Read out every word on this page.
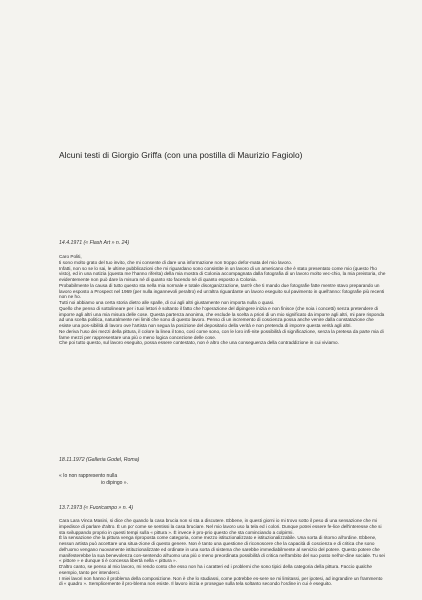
Alcuni testi di Giorgio Griffa (con una postilla di Maurizio Fagiolo)

14.4.1971 (« Flash Art » n. 24)

Caro Politi,

ti sono molto grato del tuo invito, che mi consente di dare una informazione non troppo defor-mata del mio lavoro.

Infatti, non so se lo sai, le ultime pubblicazioni che mi riguardano sono consistite in un lavoro di un americano che è stato presentato come mio (questo l'ho visto), ed in una notizia (questa me l'hanno riferita) della mia mostra di Colonia accompagnata dalla fotografia di un lavoro molto vec-chio, la mia preistoria, che evidentemente non può dare la misura né di quanto sto facendo né di quanto esposto a Colonia.

Probabilmente la causa di tutto questo sta nella mia normale e totale disorganizzazione, tant'è che ti mando due fotografie fatte mentre stavo preparando un lavoro esposto a Prospect nel 1969 (per nulla ingannevoli peraltro) ed un'altra riguardante un lavoro eseguito sul pavimento in quell'anno: fotografie più recenti non ne ho.

Tutti noi abbiamo una certa storia dietro alle spalle, di cui agli altri giustamente non importa nulla o quasi.

Quello che penso di sottolineare per i tuoi lettori è soltanto il fatto che l'operazione del dipingere inizia e non finisce (che noia i concetti) senza pretendere di imporre agli altri una mia misura delle cose. Questa partenza anonima, che esclude la scelta a priori di un mio significato da imporre agli altri, mi pare risponda ad una scelta politica, naturalmente nei limiti che sono di questo lavoro. Penso di un incremento di coscienza possa anche venire dalla constatazione che esiste una pos-sibilità di lavoro ove l'artista non segua la posizione del depositario della verità e non pretenda di imporre questa verità agli altri.

Ne deriva l'uso dei mezzi della pittura, il colore la linea il tono, così come sono, con le loro infi-nite possibilità di significazione, senza la pretesa da parte mia di farne mezzi per rappresentare una più o meno logica concezione delle cose.

Che poi tutto questo, sul lavoro eseguito, possa essere contestato, non è altro che una conseguenza della contraddizione in cui viviamo.

18.11.1972 (Galleria Godel, Roma)

« Io non rappresento nulla
io dipingo ».

13.7.1973 (« Fuoricampo » n. 4)

Cara Lara Vinca Masini, si dice che quando la casa brucia non si sta a discutere. Ebbene, in questi giorni io mi trovo sotto il peso di una sensazione che mi impedisce di parlare d'altro. È un po' come se sentissi la casa bruciare. Nel mio lavoro uso la tela ed i colori. Dunque potrei essere fe-lice dell'interesse che si sta sviluppando proprio in questi tempi sulla « pittura ». È invece è pro-prio questo che sta cominciando a colpirmi.

È la sensazione che la pittura venga riproposta come categoria, come mezzo istituzionalizzato e istituzionalizzabile. Una sorta di ritorno all'ordine. Ebbene, nessun artista può accettare una situa-zione di questo genere. Non è tanto una questione di riconoscere che la capacità di coscienza e di critica che sono dell'uomo vengano nuovamente istituzionalizzate ed ordinate in una sorta di sistema che sarebbe immediabilmente al servizio del potere. Questo potere che manifesterebbe la sua benevolenza con-sentendo all'uomo una più o meno preordinata possibilità di critica nell'ambito del suo posto nell'or-dine sociale. Tu sei « pittore » e dunque ti è concessa libertà nella « pittura ».

D'altro canto, se penso al mio lavoro, mi rendo conto che esso non ha i caratteri ed i problemi che sono tipici della categoria della pittura. Faccio qualche esempio, tanto per intenderci.

I miei lavori non hanno il problema della composizione. Non è che lo studiassi, come potrebbe es-sere se mi limitassi, per ipotesi, ad ingrandire un frammento di « quadro ». Semplicemente il pro-blema non esiste. Il lavoro inizia e prosegue sulla tela soltanto secondo l'ordine in cui è eseguito.
